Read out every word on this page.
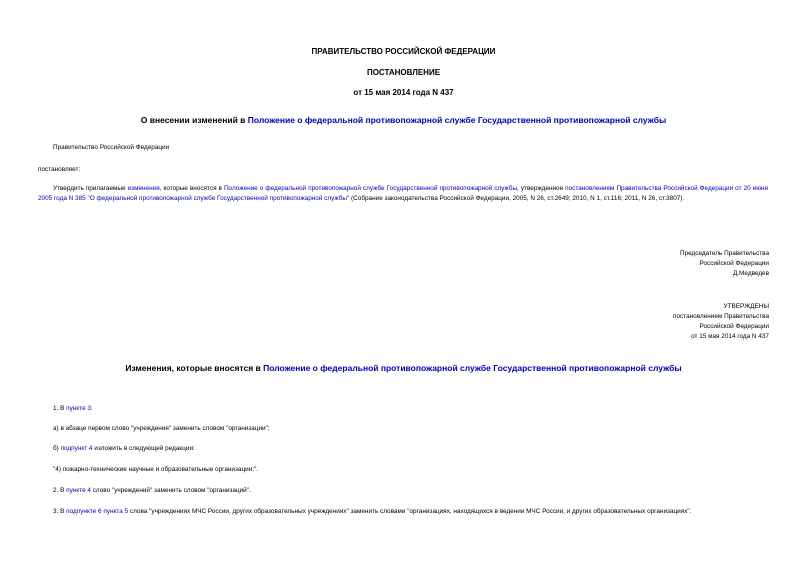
ПРАВИТЕЛЬСТВО РОССИЙСКОЙ ФЕДЕРАЦИИ
ПОСТАНОВЛЕНИЕ
от 15 мая 2014 года N 437
О внесении изменений в Положение о федеральной противопожарной службе Государственной противопожарной службы
Правительство Российской Федерации
постановляет:
Утвердить прилагаемые изменения, которые вносятся в Положение о федеральной противопожарной службе Государственной противопожарной службы, утвержденное постановлением Правительства Российской Федерации от 20 июня 2005 года N 385 "О федеральной противопожарной службе Государственной противопожарной службы" (Собрание законодательства Российской Федерации, 2005, N 26, ст.2649; 2010, N 1, ст.116; 2011, N 26, ст.3807).
Председатель Правительства
Российской Федерации
Д.Медведев
УТВЕРЖДЕНЫ
постановлением Правительства
Российской Федерации
от 15 мая 2014 года N 437
Изменения, которые вносятся в Положение о федеральной противопожарной службе Государственной противопожарной службы
1. В пункте 3:
а) в абзаце первом слово "учреждения" заменить словом "организации";
б) подпункт 4 изложить в следующей редакции:
"4) пожарно-технические научные и образовательные организации;".
2. В пункте 4 слово "учреждений" заменить словом "организаций".
3. В подпункте 6 пункта 5 слова "учреждениях МЧС России, других образовательных учреждениях" заменить словами "организациях, находящихся в ведении МЧС России, и других образовательных организациях".
